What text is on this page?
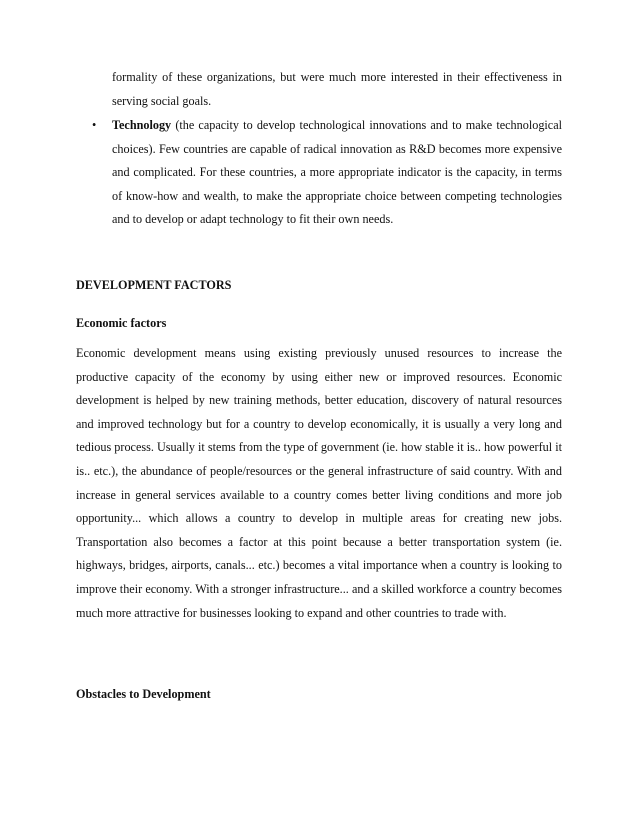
formality of these organizations, but were much more interested in their effectiveness in serving social goals.

• Technology (the capacity to develop technological innovations and to make technological choices). Few countries are capable of radical innovation as R&D becomes more expensive and complicated. For these countries, a more appropriate indicator is the capacity, in terms of know-how and wealth, to make the appropriate choice between competing technologies and to develop or adapt technology to fit their own needs.

DEVELOPMENT FACTORS
Economic factors

Economic development means using existing previously unused resources to increase the productive capacity of the economy by using either new or improved resources. Economic development is helped by new training methods, better education, discovery of natural resources and improved technology but for a country to develop economically, it is usually a very long and tedious process. Usually it stems from the type of government (ie. how stable it is.. how powerful it is.. etc.), the abundance of people/resources or the general infrastructure of said country. With and increase in general services available to a country comes better living conditions and more job opportunity... which allows a country to develop in multiple areas for creating new jobs. Transportation also becomes a factor at this point because a better transportation system (ie. highways, bridges, airports, canals... etc.) becomes a vital importance when a country is looking to improve their economy. With a stronger infrastructure... and a skilled workforce a country becomes much more attractive for businesses looking to expand and other countries to trade with.

Obstacles to Development
